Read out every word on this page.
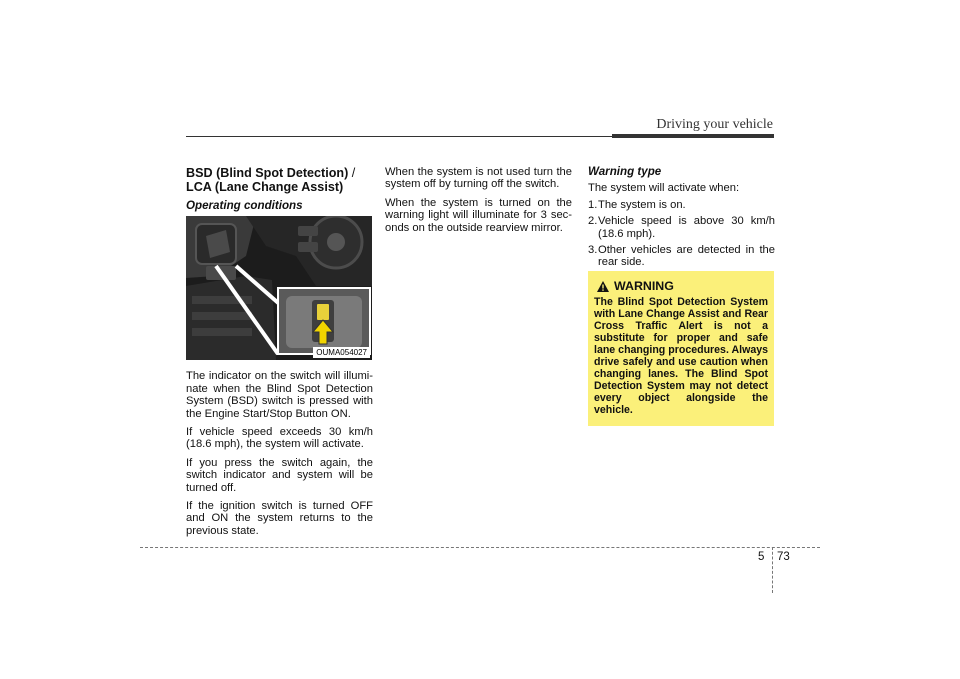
Driving your vehicle
BSD (Blind Spot Detection) /
LCA (Lane Change Assist)
Operating conditions
OUMA054027

The indicator on the switch will illumi-nate when the Blind Spot Detection System (BSD) switch is pressed with the Engine Start/Stop Button ON.

If vehicle speed exceeds 30 km/h (18.6 mph), the system will activate.

If you press the switch again, the switch indicator and system will be turned off.

If the ignition switch is turned OFF and ON the system returns to the previous state.

When the system is not used turn the system off by turning off the switch.

When the system is turned on the warning light will illuminate for 3 sec-onds on the outside rearview mirror.

Warning type

The system will activate when:

1. The system is on.
2. Vehicle speed is above 30 km/h (18.6 mph).
3. Other vehicles are detected in the rear side.
WARNING

The Blind Spot Detection System with Lane Change Assist and Rear Cross Traffic Alert is not a substitute for proper and safe lane changing procedures. Always drive safely and use caution when changing lanes. The Blind Spot Detection System may not detect every object alongside the vehicle.

5 73
